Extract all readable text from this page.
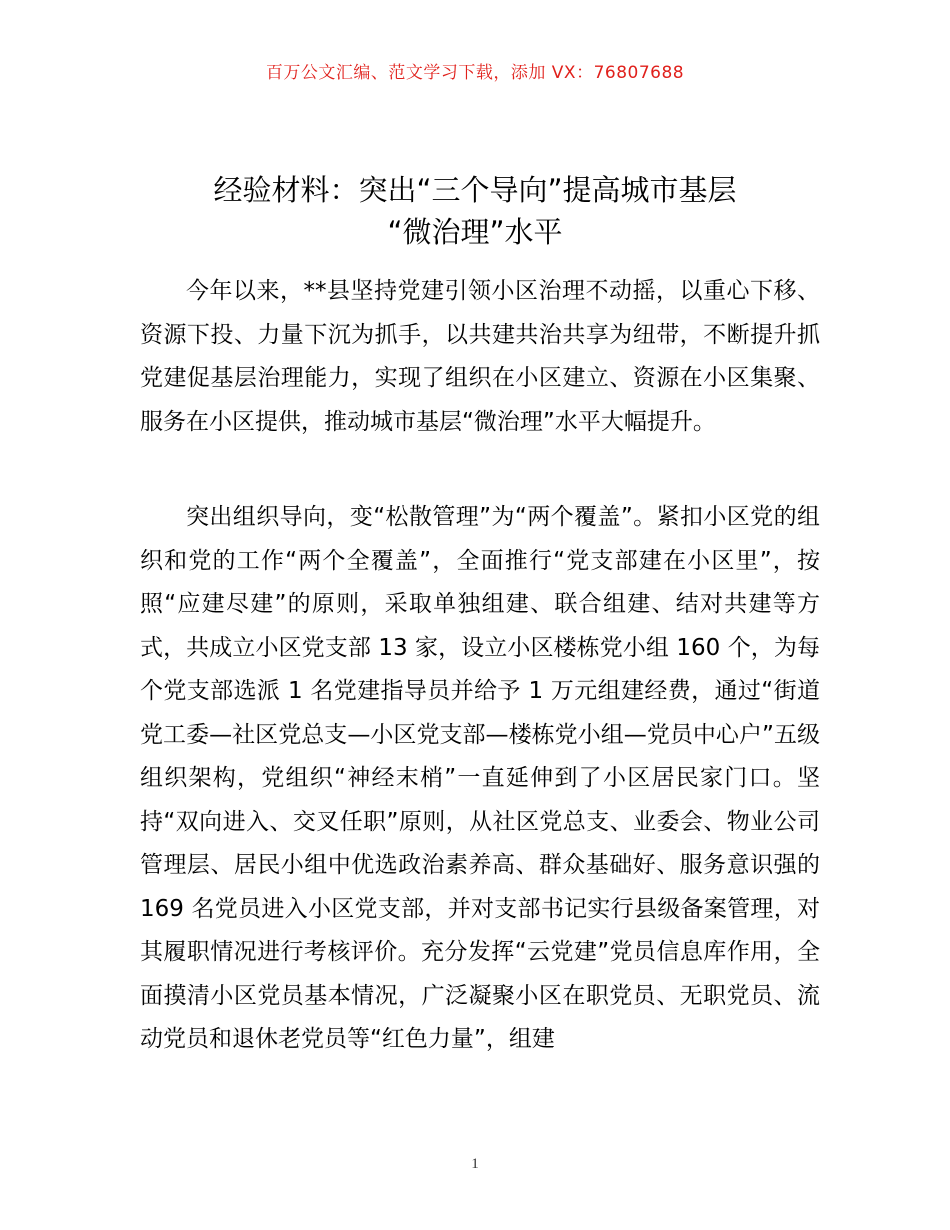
百万公文汇编、范文学习下载，添加 VX：76807688
经验材料：突出“三个导向”提高城市基层
“微治理”水平

今年以来，**县坚持党建引领小区治理不动摇，以重心下移、资源下投、力量下沉为抓手，以共建共治共享为纽带，不断提升抓党建促基层治理能力，实现了组织在小区建立、资源在小区集聚、服务在小区提供，推动城市基层“微治理”水平大幅提升。

突出组织导向，变“松散管理”为“两个覆盖”。紧扣小区党的组织和党的工作“两个全覆盖”，全面推行“党支部建在小区里”，按照“应建尽建”的原则，采取单独组建、联合组建、结对共建等方式，共成立小区党支部 13 家，设立小区楼栋党小组 160 个，为每个党支部选派 1 名党建指导员并给予 1 万元组建经费，通过“街道党工委—社区党总支—小区党支部—楼栋党小组—党员中心户”五级组织架构，党组织“神经末梢”一直延伸到了小区居民家门口。坚持“双向进入、交叉任职”原则，从社区党总支、业委会、物业公司管理层、居民小组中优选政治素养高、群众基础好、服务意识强的 169 名党员进入小区党支部，并对支部书记实行县级备案管理，对其履职情况进行考核评价。充分发挥“云党建”党员信息库作用，全面摸清小区党员基本情况，广泛凝聚小区在职党员、无职党员、流动党员和退休老党员等“红色力量”，组建

1
